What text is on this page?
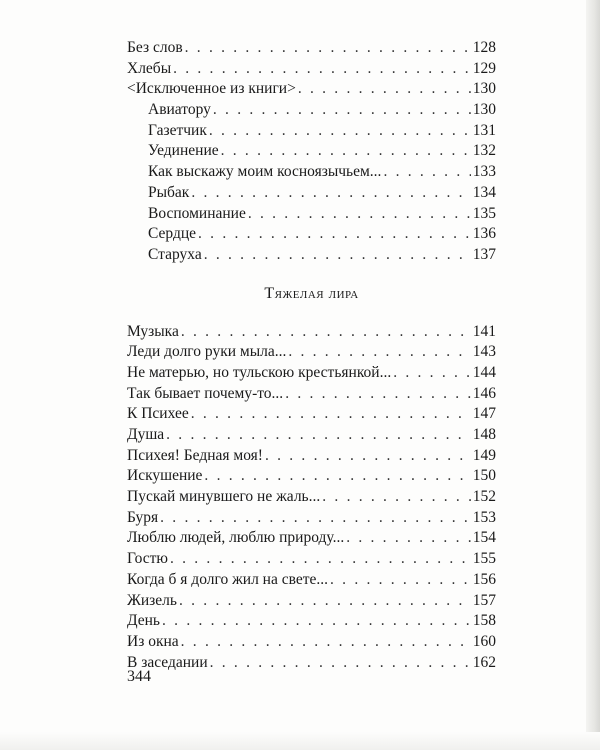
Без слов . . .	128
Хлебы . . .	129
<Исключенное из книги> . . .	130
Авиатору . . .	130
Газетчик . . .	131
Уединение . . .	132
Как выскажу моим косноязычьем... . . .	133
Рыбак . . .	134
Воспоминание . . .	135
Сердце . . .	136
Старуха . . .	137
Тяжелая лира
Музыка . . .	141
Леди долго руки мыла... . . .	143
Не матерью, но тульскою крестьянкой... . . .	144
Так бывает почему-то... . . .	146
К Психее . . .	147
Душа . . .	148
Психея! Бедная моя! . . .	149
Искушение . . .	150
Пускай минувшего не жаль... . . .	152
Буря . . .	153
Люблю людей, люблю природу... . . .	154
Гостю . . .	155
Когда б я долго жил на свете... . . .	156
Жизель . . .	157
День . . .	158
Из окна . . .	160
В заседании . . .	162
344
